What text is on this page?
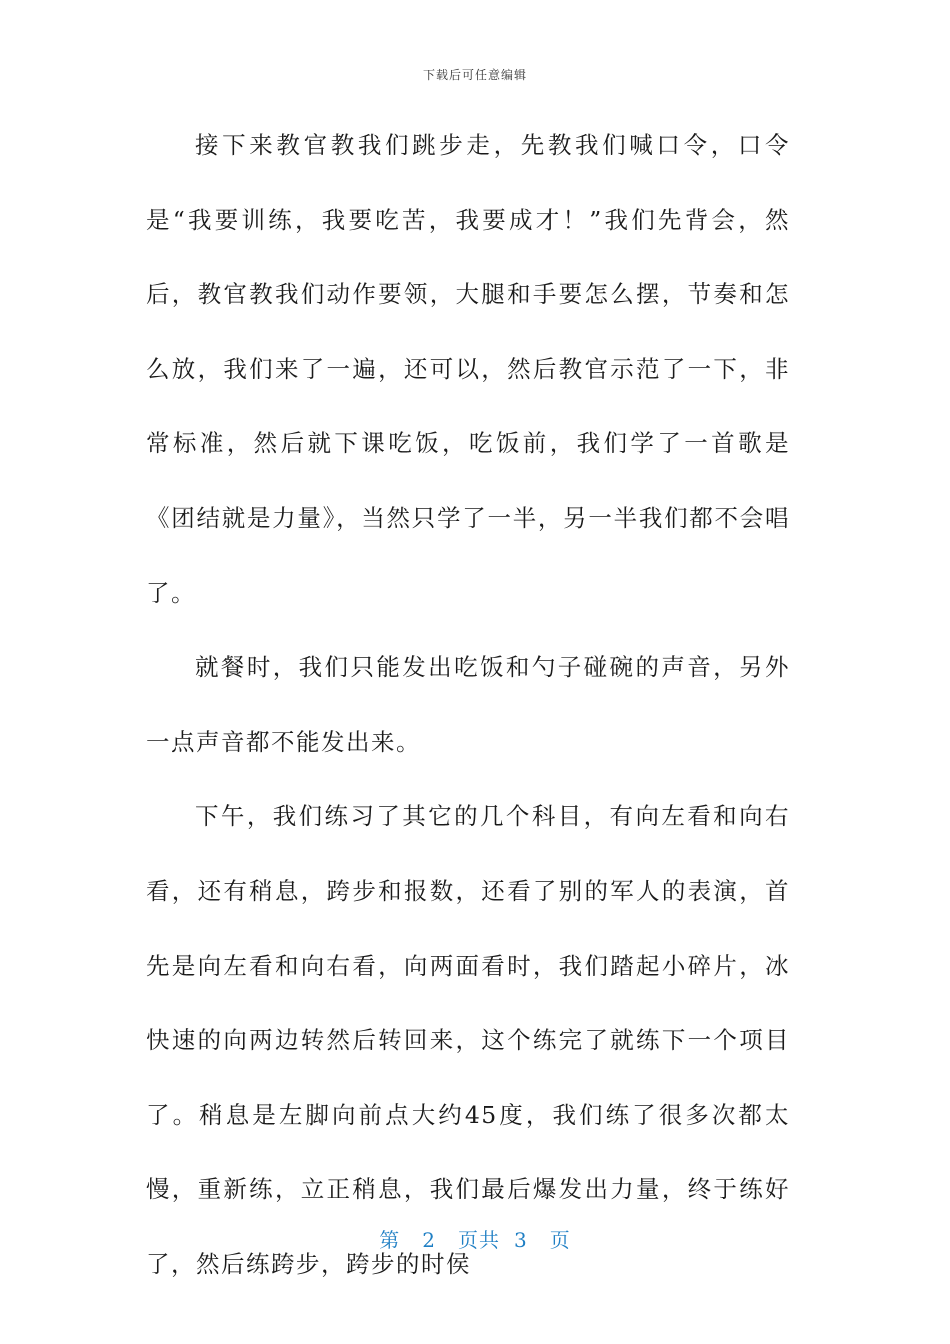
下载后可任意编辑

接下来教官教我们跳步走，先教我们喊口令，口令是“我要训练，我要吃苦，我要成才！”我们先背会，然后，教官教我们动作要领，大腿和手要怎么摆，节奏和怎么放，我们来了一遍，还可以，然后教官示范了一下，非常标准，然后就下课吃饭，吃饭前，我们学了一首歌是《团结就是力量》，当然只学了一半，另一半我们都不会唱了。

就餐时，我们只能发出吃饭和勺子碰碗的声音，另外一点声音都不能发出来。

下午，我们练习了其它的几个科目，有向左看和向右看，还有稍息，跨步和报数，还看了别的军人的表演，首先是向左看和向右看，向两面看时，我们踏起小碎片，冰快速的向两边转然后转回来，这个练完了就练下一个项目了。稍息是左脚向前点大约45度，我们练了很多次都太慢，重新练，立正稍息，我们最后爆发出力量，终于练好了，然后练跨步，跨步的时侯

第 2 页共 3 页
